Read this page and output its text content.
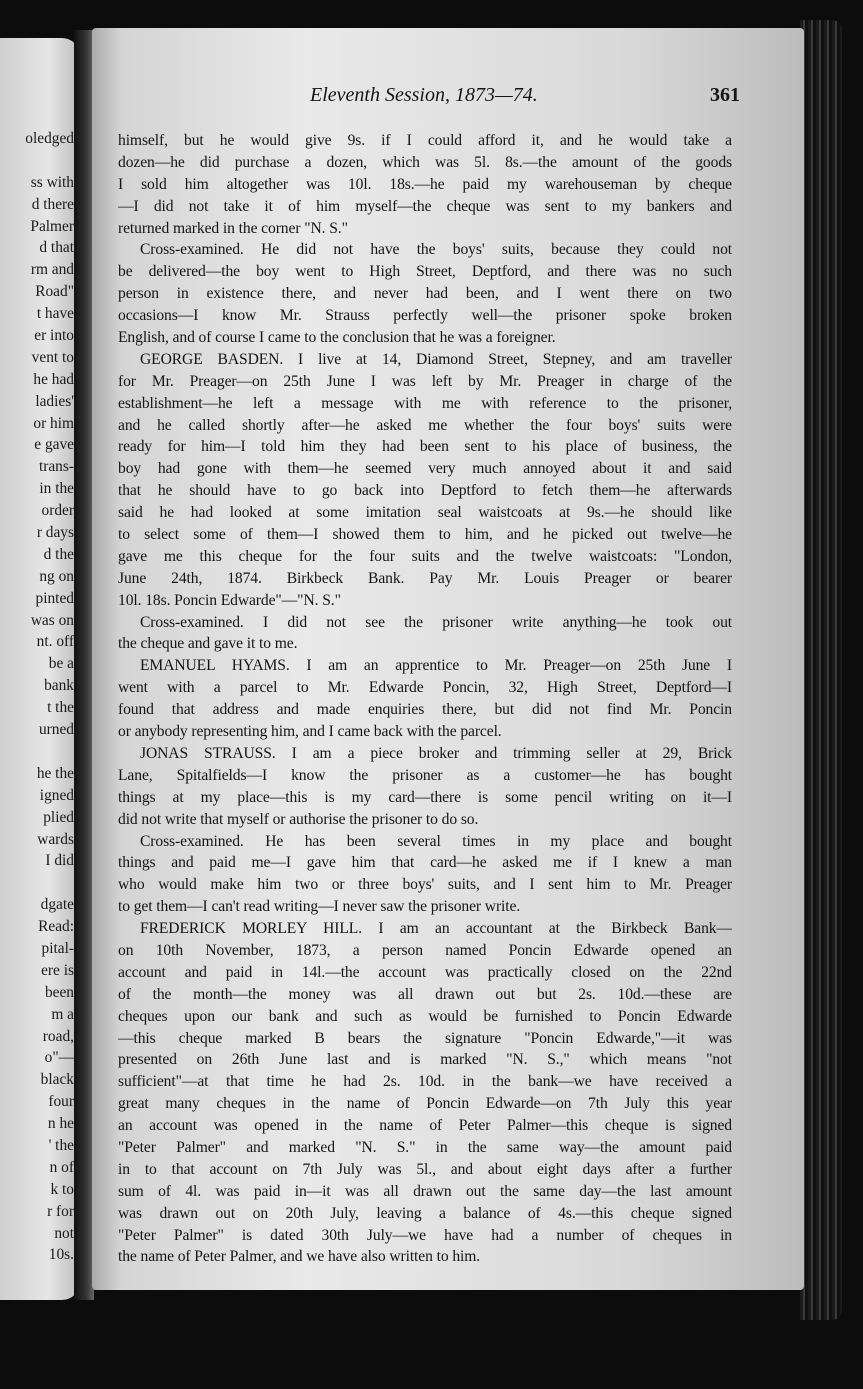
oledged
ss with
d there
Palmer
d that
rm and
Road"
t have
er into
vent to
he had
ladies'
or him
e gave
trans-
in the
order
r days
d the
ng on
pinted
was on
nt. off
be a
bank
t the
urned
he the
igned
plied
wards
I did
dgate
Read:
pital-
ere is
been
m a
road,
o"—
black
four
n he
' the
n of
k to
r for
not
10s.
Eleventh Session, 1873—74.	361
himself, but he would give 9s. if I could afford it, and he would take a
dozen—he did purchase a dozen, which was 5l. 8s.—the amount of the goods
I sold him altogether was 10l. 18s.—he paid my warehouseman by cheque
—I did not take it of him myself—the cheque was sent to my bankers and
returned marked in the corner "N. S."
Cross-examined. He did not have the boys' suits, because they could not
be delivered—the boy went to High Street, Deptford, and there was no such
person in existence there, and never had been, and I went there on two
occasions—I know Mr. Strauss perfectly well—the prisoner spoke broken
English, and of course I came to the conclusion that he was a foreigner.
GEORGE BASDEN. I live at 14, Diamond Street, Stepney, and am traveller
for Mr. Preager—on 25th June I was left by Mr. Preager in charge of the
establishment—he left a message with me with reference to the prisoner,
and he called shortly after—he asked me whether the four boys' suits were
ready for him—I told him they had been sent to his place of business, the
boy had gone with them—he seemed very much annoyed about it and said
that he should have to go back into Deptford to fetch them—he afterwards
said he had looked at some imitation seal waistcoats at 9s.—he should like
to select some of them—I showed them to him, and he picked out twelve—he
gave me this cheque for the four suits and the twelve waistcoats: "London,
June 24th, 1874. Birkbeck Bank. Pay Mr. Louis Preager or bearer
10l. 18s. Poncin Edwarde"—"N. S."
Cross-examined. I did not see the prisoner write anything—he took out
the cheque and gave it to me.
EMANUEL HYAMS. I am an apprentice to Mr. Preager—on 25th June I
went with a parcel to Mr. Edwarde Poncin, 32, High Street, Deptford—I
found that address and made enquiries there, but did not find Mr. Poncin
or anybody representing him, and I came back with the parcel.
JONAS STRAUSS. I am a piece broker and trimming seller at 29, Brick
Lane, Spitalfields—I know the prisoner as a customer—he has bought
things at my place—this is my card—there is some pencil writing on it—I
did not write that myself or authorise the prisoner to do so.
Cross-examined. He has been several times in my place and bought
things and paid me—I gave him that card—he asked me if I knew a man
who would make him two or three boys' suits, and I sent him to Mr. Preager
to get them—I can't read writing—I never saw the prisoner write.
FREDERICK MORLEY HILL. I am an accountant at the Birkbeck Bank—
on 10th November, 1873, a person named Poncin Edwarde opened an
account and paid in 14l.—the account was practically closed on the 22nd
of the month—the money was all drawn out but 2s. 10d.—these are
cheques upon our bank and such as would be furnished to Poncin Edwarde
—this cheque marked B bears the signature "Poncin Edwarde,"—it was
presented on 26th June last and is marked "N. S.," which means "not
sufficient"—at that time he had 2s. 10d. in the bank—we have received a
great many cheques in the name of Poncin Edwarde—on 7th July this year
an account was opened in the name of Peter Palmer—this cheque is signed
"Peter Palmer" and marked "N. S." in the same way—the amount paid
in to that account on 7th July was 5l., and about eight days after a further
sum of 4l. was paid in—it was all drawn out the same day—the last amount
was drawn out on 20th July, leaving a balance of 4s.—this cheque signed
"Peter Palmer" is dated 30th July—we have had a number of cheques in
the name of Peter Palmer, and we have also written to him.
